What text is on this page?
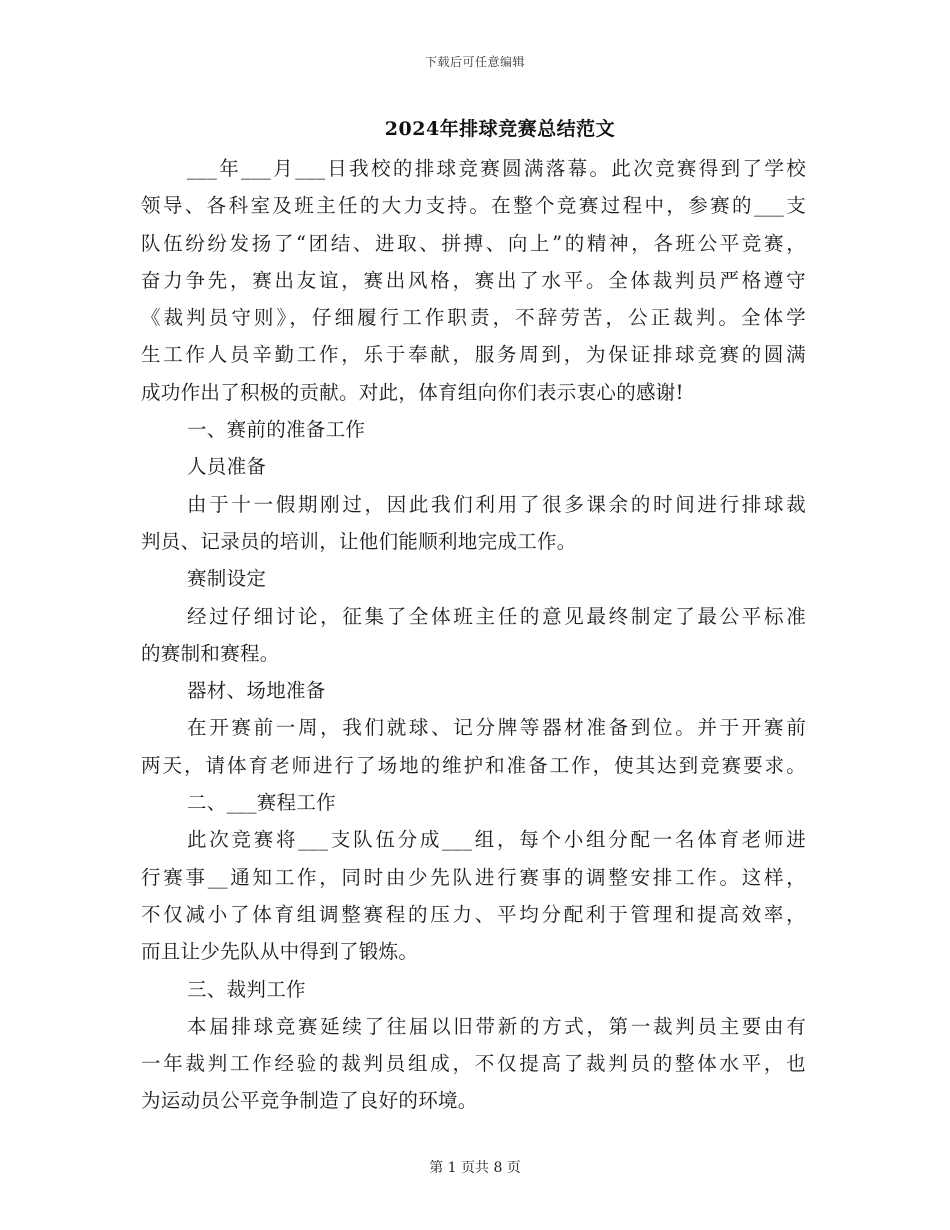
下载后可任意编辑
2024年排球竞赛总结范文
___年___月___日我校的排球竞赛圆满落幕。此次竞赛得到了学校
领导、各科室及班主任的大力支持。在整个竞赛过程中，参赛的___支
队伍纷纷发扬了“团结、进取、拼搏、向上”的精神，各班公平竞赛，
奋力争先，赛出友谊，赛出风格，赛出了水平。全体裁判员严格遵守
《裁判员守则》，仔细履行工作职责，不辞劳苦，公正裁判。全体学
生工作人员辛勤工作，乐于奉献，服务周到，为保证排球竞赛的圆满
成功作出了积极的贡献。对此，体育组向你们表示衷心的感谢!
一、赛前的准备工作
人员准备
由于十一假期刚过，因此我们利用了很多课余的时间进行排球裁
判员、记录员的培训，让他们能顺利地完成工作。
赛制设定
经过仔细讨论，征集了全体班主任的意见最终制定了最公平标准
的赛制和赛程。
器材、场地准备
在开赛前一周，我们就球、记分牌等器材准备到位。并于开赛前
两天，请体育老师进行了场地的维护和准备工作，使其达到竞赛要求。
二、___赛程工作
此次竞赛将___支队伍分成___组，每个小组分配一名体育老师进
行赛事__通知工作，同时由少先队进行赛事的调整安排工作。这样，
不仅减小了体育组调整赛程的压力、平均分配利于管理和提高效率，
而且让少先队从中得到了锻炼。
三、裁判工作
本届排球竞赛延续了往届以旧带新的方式，第一裁判员主要由有
一年裁判工作经验的裁判员组成，不仅提高了裁判员的整体水平，也
为运动员公平竞争制造了良好的环境。
第 1 页共 8 页
